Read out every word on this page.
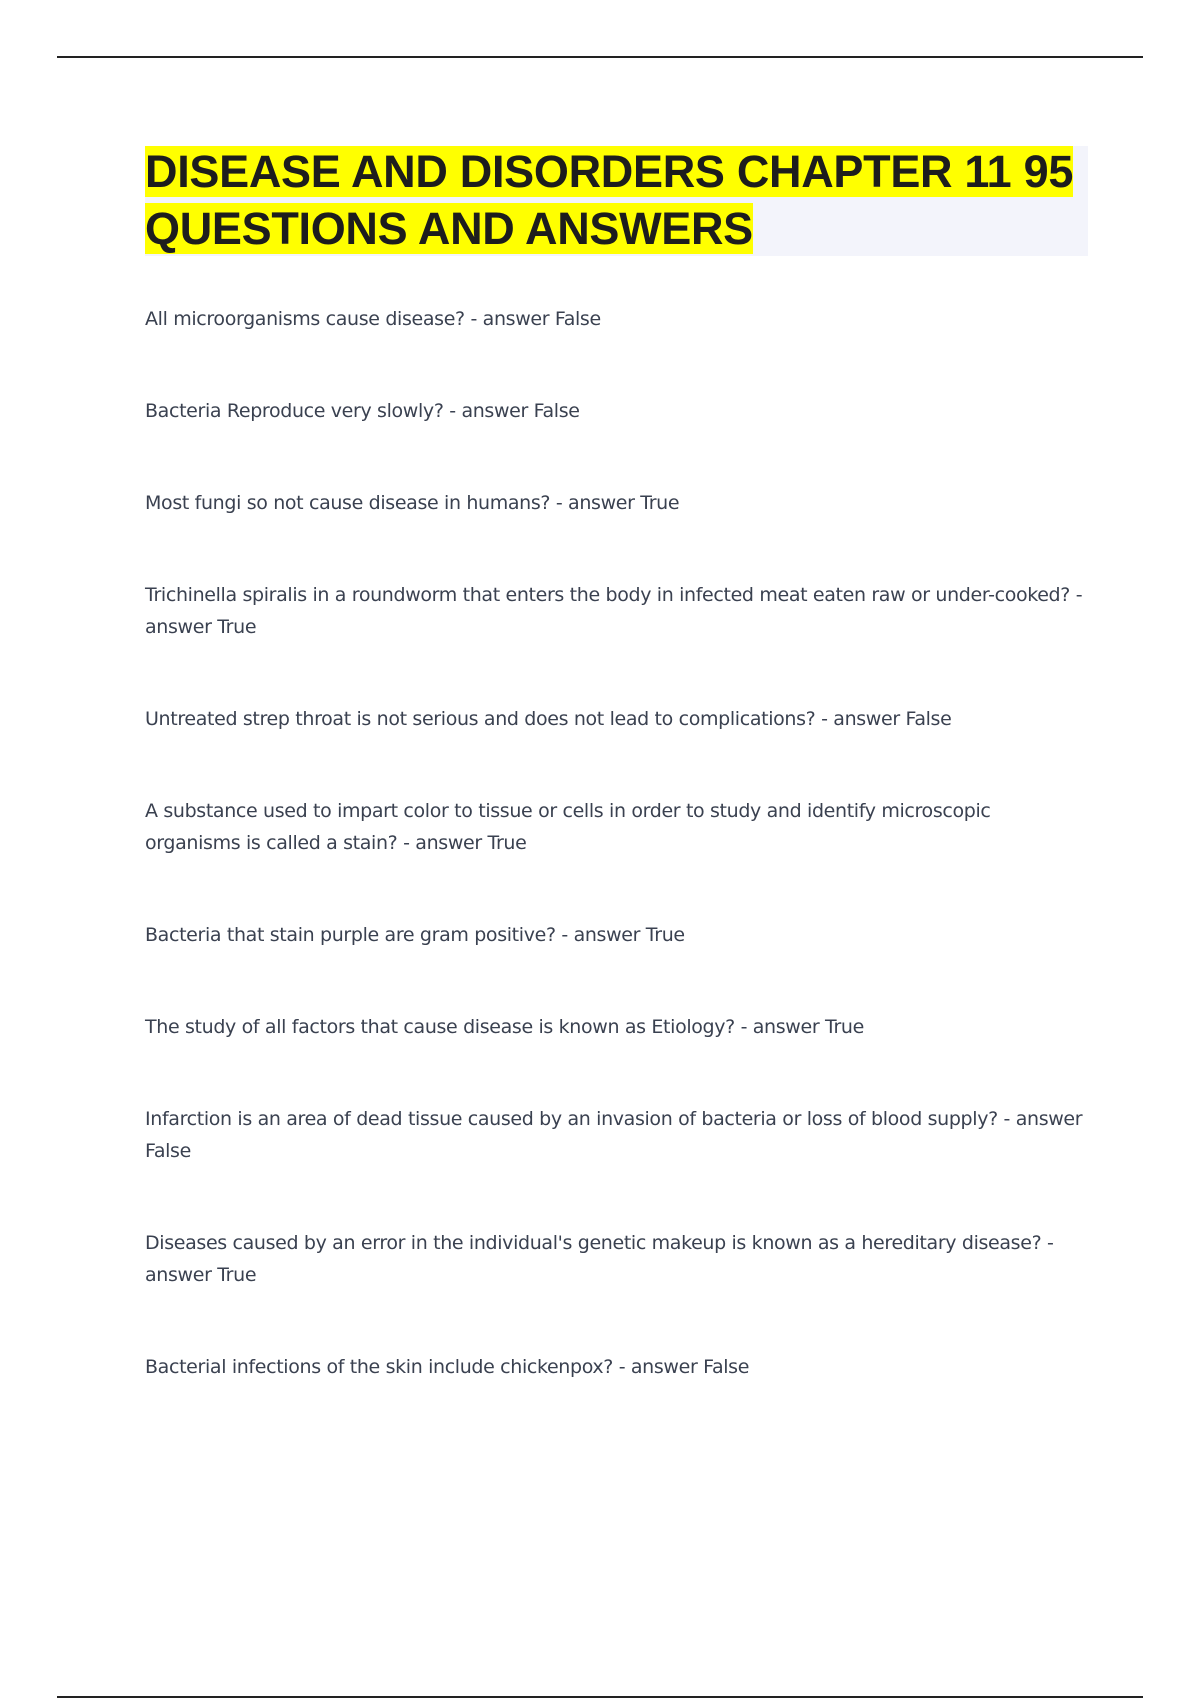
DISEASE AND DISORDERS CHAPTER 11 95 QUESTIONS AND ANSWERS
All microorganisms cause disease? - answer False
Bacteria Reproduce very slowly? - answer False
Most fungi so not cause disease in humans? - answer True
Trichinella spiralis in a roundworm that enters the body in infected meat eaten raw or under-cooked? - answer True
Untreated strep throat is not serious and does not lead to complications? - answer False
A substance used to impart color to tissue or cells in order to study and identify microscopic organisms is called a stain? - answer True
Bacteria that stain purple are gram positive? - answer True
The study of all factors that cause disease is known as Etiology? - answer True
Infarction is an area of dead tissue caused by an invasion of bacteria or loss of blood supply? - answer False
Diseases caused by an error in the individual's genetic makeup is known as a hereditary disease? - answer True
Bacterial infections of the skin include chickenpox? - answer False
